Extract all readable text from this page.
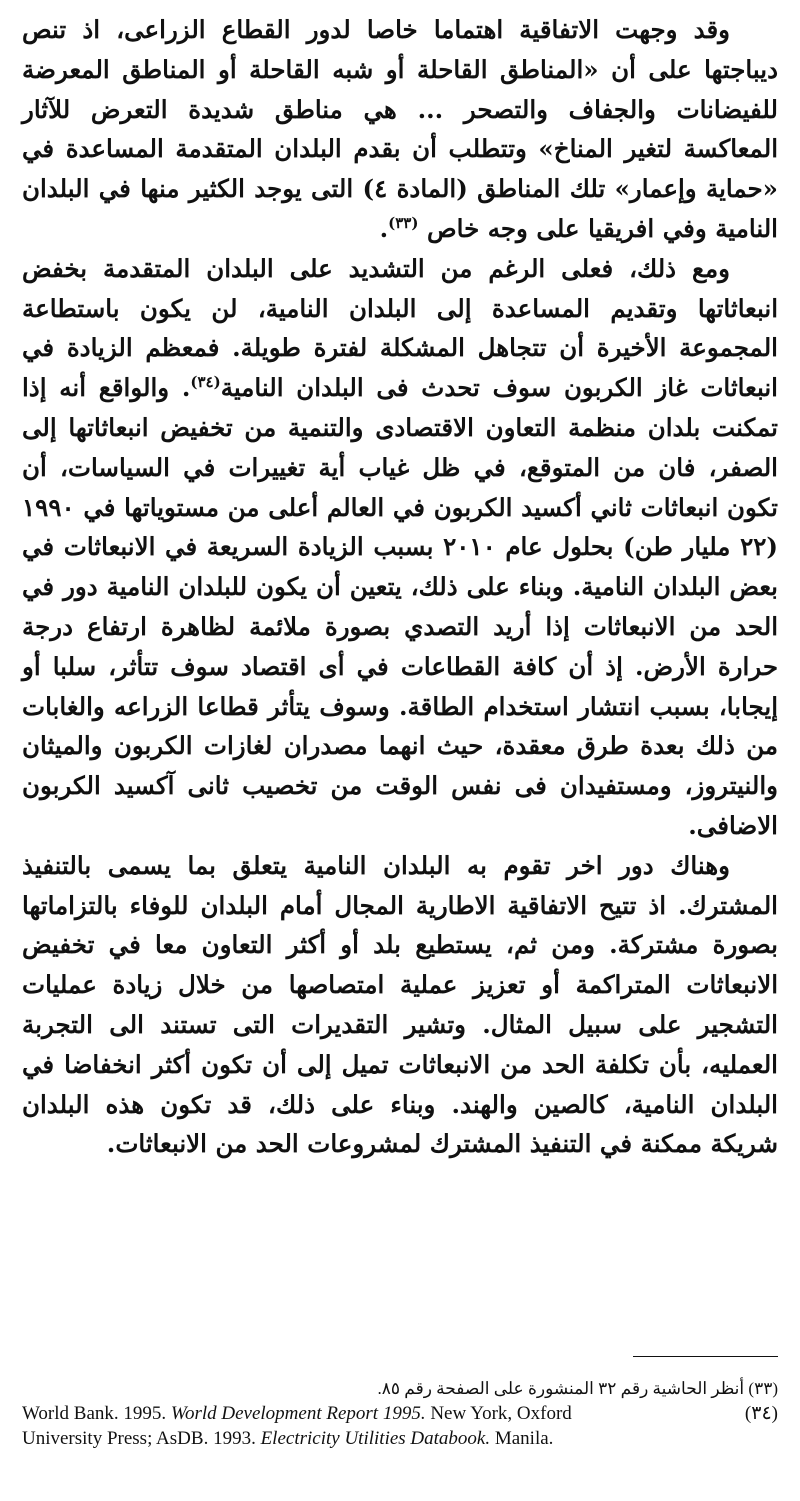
وقد وجهت الاتفاقية اهتماما خاصا لدور القطاع الزراعى، اذ تنص ديباجتها على أن «المناطق القاحلة أو شبه القاحلة أو المناطق المعرضة للفيضانات والجفاف والتصحر ... هي مناطق شديدة التعرض للآثار المعاكسة لتغير المناخ» وتتطلب أن بقدم البلدان المتقدمة المساعدة في «حماية وإعمار» تلك المناطق (المادة ٤) التى يوجد الكثير منها في البلدان النامية وفي افريقيا على وجه خاص $^{(٣٣)}$.

ومع ذلك، فعلى الرغم من التشديد على البلدان المتقدمة بخفض انبعاثاتها وتقديم المساعدة إلى البلدان النامية، لن يكون باستطاعة المجموعة الأخيرة أن تتجاهل المشكلة لفترة طويلة. فمعظم الزيادة في انبعاثات غاز الكربون سوف تحدث فى البلدان النامية$^{(٣٤)}$. والواقع أنه إذا تمكنت بلدان منظمة التعاون الاقتصادى والتنمية من تخفيض انبعاثاتها إلى الصفر، فان من المتوقع، في ظل غياب أية تغييرات في السياسات، أن تكون انبعاثات ثاني أكسيد الكربون في العالم أعلى من مستوياتها في ١٩٩٠ (٢٢ مليار طن) بحلول عام ٢٠١٠ بسبب الزيادة السريعة في الانبعاثات في بعض البلدان النامية. وبناء على ذلك، يتعين أن يكون للبلدان النامية دور في الحد من الانبعاثات إذا أريد التصدي بصورة ملائمة لظاهرة ارتفاع درجة حرارة الأرض. إذ أن كافة القطاعات في أى اقتصاد سوف تتأثر، سلبا أو إيجابا، بسبب انتشار استخدام الطاقة. وسوف يتأثر قطاعا الزراعه والغابات من ذلك بعدة طرق معقدة، حيث انهما مصدران لغازات الكربون والميثان والنيتروز، ومستفيدان فى نفس الوقت من تخصيب ثانى آكسيد الكربون الاضافى.

وهناك دور اخر تقوم به البلدان النامية يتعلق بما يسمى بالتنفيذ المشترك. اذ تتيح الاتفاقية الاطارية المجال أمام البلدان للوفاء بالتزاماتها بصورة مشتركة. ومن ثم، يستطيع بلد أو أكثر التعاون معا في تخفيض الانبعاثات المتراكمة أو تعزيز عملية امتصاصها من خلال زيادة عمليات التشجير على سبيل المثال. وتشير التقديرات التى تستند الى التجربة العمليه، بأن تكلفة الحد من الانبعاثات تميل إلى أن تكون أكثر انخفاضا في البلدان النامية، كالصين والهند. وبناء على ذلك، قد تكون هذه البلدان شريكة ممكنة في التنفيذ المشترك لمشروعات الحد من الانبعاثات.

(٣٣) أنظر الحاشية رقم ٣٢ المنشورة على الصفحة رقم ٨٥.
(٣٤)
World Bank. 1995. World Development Report 1995. New York, Oxford
University Press; AsDB. 1993. Electricity Utilities Databook. Manila.
